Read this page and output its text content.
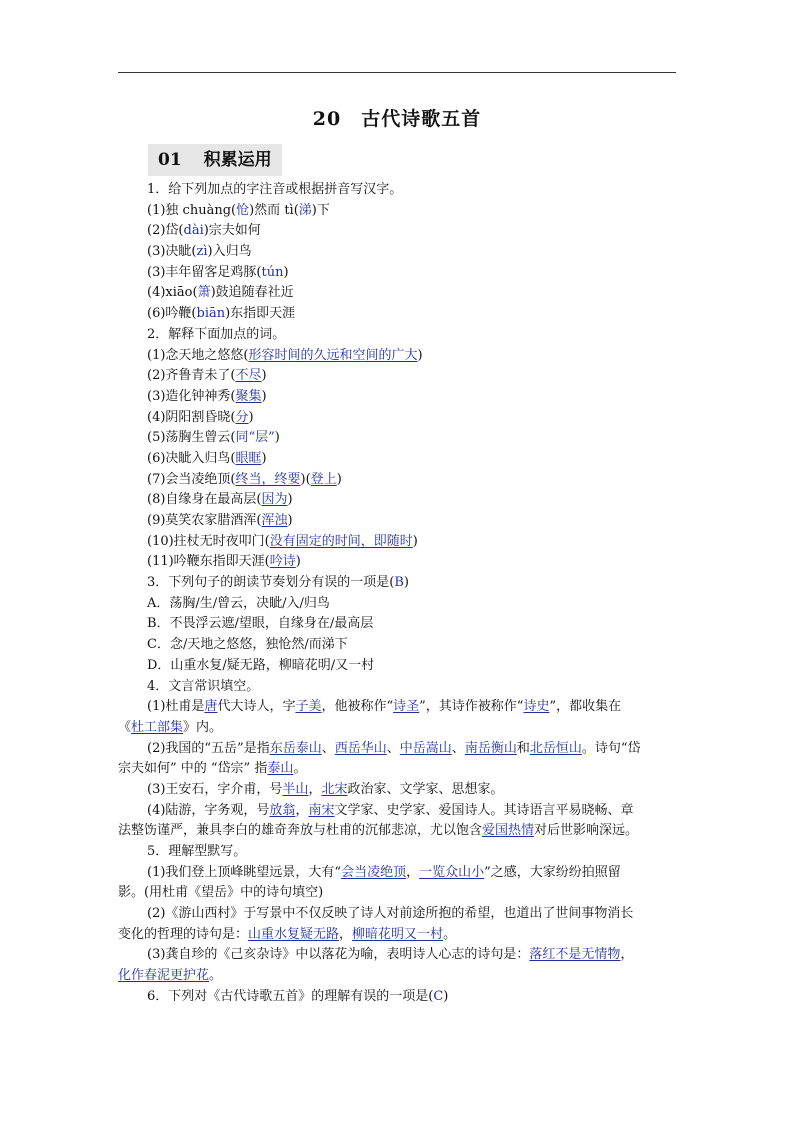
20　古代诗歌五首
01 积累运用
1．给下列加点的字注音或根据拼音写汉字。
(1)独 chuàng(怆)然而 tì(涕)下
(2)岱(dài)宗夫如何
(3)决眦(zì)入归鸟
(3)丰年留客足鸡豚(tún)
(4)xiāo(箫)鼓追随春社近
(6)吟鞭(biān)东指即天涯
2．解释下面加点的词。
(1)念天地之悠悠(形容时间的久远和空间的广大)
(2)齐鲁青未了(不尽)
(3)造化钟神秀(聚集)
(4)阴阳割昏晓(分)
(5)荡胸生曾云(同“层”)
(6)决眦入归鸟(眼眶)
(7)会当凌绝顶(终当，终要)(登上)
(8)自缘身在最高层(因为)
(9)莫笑农家腊酒浑(浑浊)
(10)拄杖无时夜叩门(没有固定的时间，即随时)
(11)吟鞭东指即天涯(吟诗)
3．下列句子的朗读节奏划分有误的一项是(B)
A．荡胸/生/曾云，决眦/入/归鸟
B．不畏浮云遮/望眼，自缘身在/最高层
C．念/天地之悠悠，独怆然/而涕下
D．山重水复/疑无路，柳暗花明/又一村
4．文言常识填空。
(1)杜甫是唐代大诗人，字子美，他被称作“诗圣”，其诗作被称作“诗史”，都收集在
《杜工部集》内。
(2)我国的“五岳”是指东岳泰山、西岳华山、中岳嵩山、南岳衡山和北岳恒山。诗句“岱
宗夫如何” 中的 “岱宗” 指泰山。
(3)王安石，字介甫，号半山，北宋政治家、文学家、思想家。
(4)陆游，字务观，号放翁，南宋文学家、史学家、爱国诗人。其诗语言平易晓畅、章
法整饬谨严，兼具李白的雄奇奔放与杜甫的沉郁悲凉，尤以饱含爱国热情对后世影响深远。
5．理解型默写。
(1)我们登上顶峰眺望远景，大有“会当凌绝顶，一览众山小”之感，大家纷纷拍照留
影。(用杜甫《望岳》中的诗句填空)
(2)《游山西村》于写景中不仅反映了诗人对前途所抱的希望，也道出了世间事物消长
变化的哲理的诗句是：山重水复疑无路，柳暗花明又一村。
(3)龚自珍的《己亥杂诗》中以落花为喻，表明诗人心志的诗句是：落红不是无情物，
化作春泥更护花。
6．下列对《古代诗歌五首》的理解有误的一项是(C)
